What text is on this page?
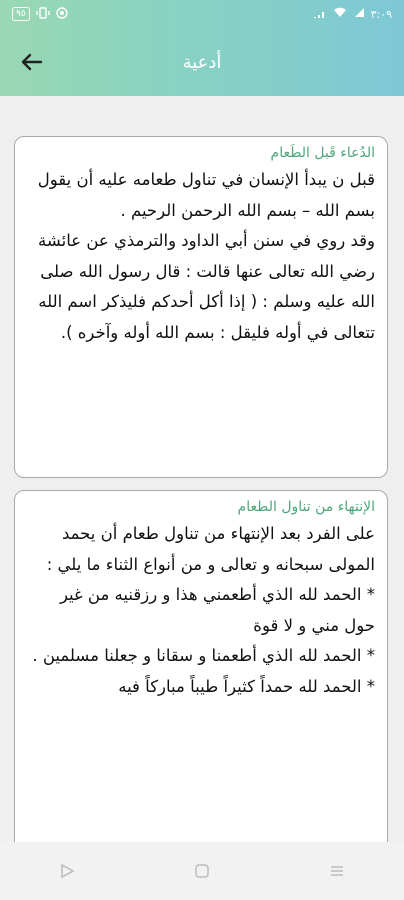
٩٥	٣:٠٩
أدعية
الدُعاء قَبل الطَعام
قبل ن يبدأ الإنسان في تناول طعامه عليه أن يقول بسم الله – بسم الله الرحمن الرحيم .
وقد روي في سنن أبي الداود والترمذي عن عائشة رضي الله تعالى عنها قالت : قال رسول الله صلى الله عليه وسلم : ( إذا أكل أحدكم فليذكر اسم الله تتعالى في أوله فليقل : بسم الله أوله وآخره ).
الإنتهاء من تناول الطعام
على الفرد بعد الإنتهاء من تناول طعام أن يحمد المولى سبحانه و تعالى و من أنواع الثناء ما يلي :
* الحمد لله الذي أطعمني هذا و رزقنيه من غير حول مني و لا قوة
* الحمد لله الذي أطعمنا و سقانا و جعلنا مسلمين .
* الحمد لله حمداً كثيراً طيباً مباركاً فيه
